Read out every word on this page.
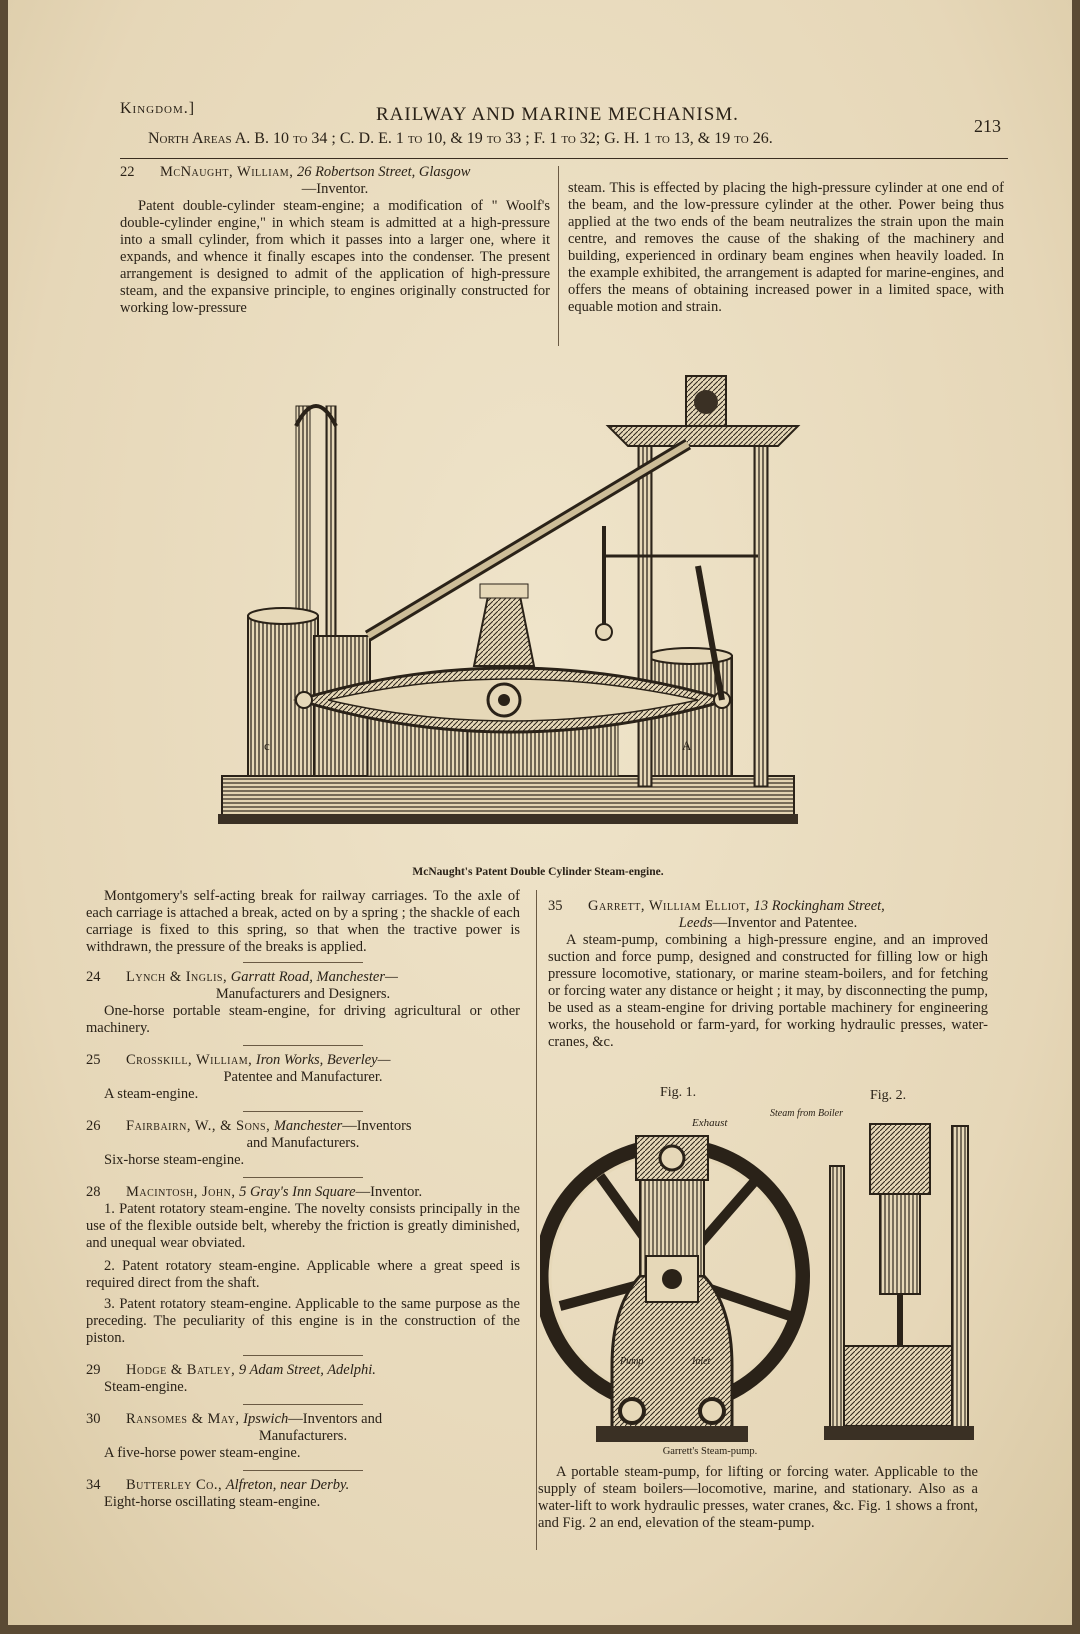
Kingdom.]	RAILWAY AND MARINE MECHANISM.
213
North Areas A. B. 10 to 34 ; C. D. E. 1 to 10, & 19 to 33 ; F. 1 to 32; G. H. 1 to 13, & 19 to 26.

22 McNaught, William, 26 Robertson Street, Glasgow

—Inventor.

Patent double-cylinder steam-engine; a modification of " Woolf's double-cylinder engine," in which steam is admitted at a high-pressure into a small cylinder, from which it passes into a larger one, where it expands, and whence it finally escapes into the condenser. The present arrangement is designed to admit of the application of high-pressure steam, and the expansive principle, to engines originally constructed for working low-pressure

steam. This is effected by placing the high-pressure cylinder at one end of the beam, and the low-pressure cylinder at the other. Power being thus applied at the two ends of the beam neutralizes the strain upon the main centre, and removes the cause of the shaking of the machinery and building, experienced in ordinary beam engines when heavily loaded. In the example exhibited, the arrangement is adapted for marine-engines, and offers the means of obtaining increased power in a limited space, with equable motion and strain.

c	A
McNaught's Patent Double Cylinder Steam-engine.

Montgomery's self-acting break for railway carriages. To the axle of each carriage is attached a break, acted on by a spring ; the shackle of each carriage is fixed to this spring, so that when the tractive power is withdrawn, the pressure of the breaks is applied.

24 Lynch & Inglis, Garratt Road, Manchester—

Manufacturers and Designers.

One-horse portable steam-engine, for driving agricultural or other machinery.

25 Crosskill, William, Iron Works, Beverley—

Patentee and Manufacturer.

A steam-engine.

26 Fairbairn, W., & Sons, Manchester—Inventors

and Manufacturers.

Six-horse steam-engine.

28 Macintosh, John, 5 Gray's Inn Square—Inventor.

1. Patent rotatory steam-engine. The novelty consists principally in the use of the flexible outside belt, whereby the friction is greatly diminished, and unequal wear obviated.

2. Patent rotatory steam-engine. Applicable where a great speed is required direct from the shaft.

3. Patent rotatory steam-engine. Applicable to the same purpose as the preceding. The peculiarity of this engine is in the construction of the piston.

29 Hodge & Batley, 9 Adam Street, Adelphi.

Steam-engine.

30 Ransomes & May, Ipswich—Inventors and

Manufacturers.

A five-horse power steam-engine.

34 Butterley Co., Alfreton, near Derby.

Eight-horse oscillating steam-engine.

35 Garrett, William Elliot, 13 Rockingham Street,

Leeds—Inventor and Patentee.

A steam-pump, combining a high-pressure engine, and an improved suction and force pump, designed and constructed for filling low or high pressure locomotive, stationary, or marine steam-boilers, and for fetching or forcing water any distance or height ; it may, by disconnecting the pump, be used as a steam-engine for driving portable machinery for engineering works, the household or farm-yard, for working hydraulic presses, water-cranes, &c.

Fig. 1.	Fig. 2.
Exhaust
Pump	Inlet
Steam from Boiler
Garrett's Steam-pump.

A portable steam-pump, for lifting or forcing water. Applicable to the supply of steam boilers—locomotive, marine, and stationary. Also as a water-lift to work hydraulic presses, water cranes, &c. Fig. 1 shows a front, and Fig. 2 an end, elevation of the steam-pump.
